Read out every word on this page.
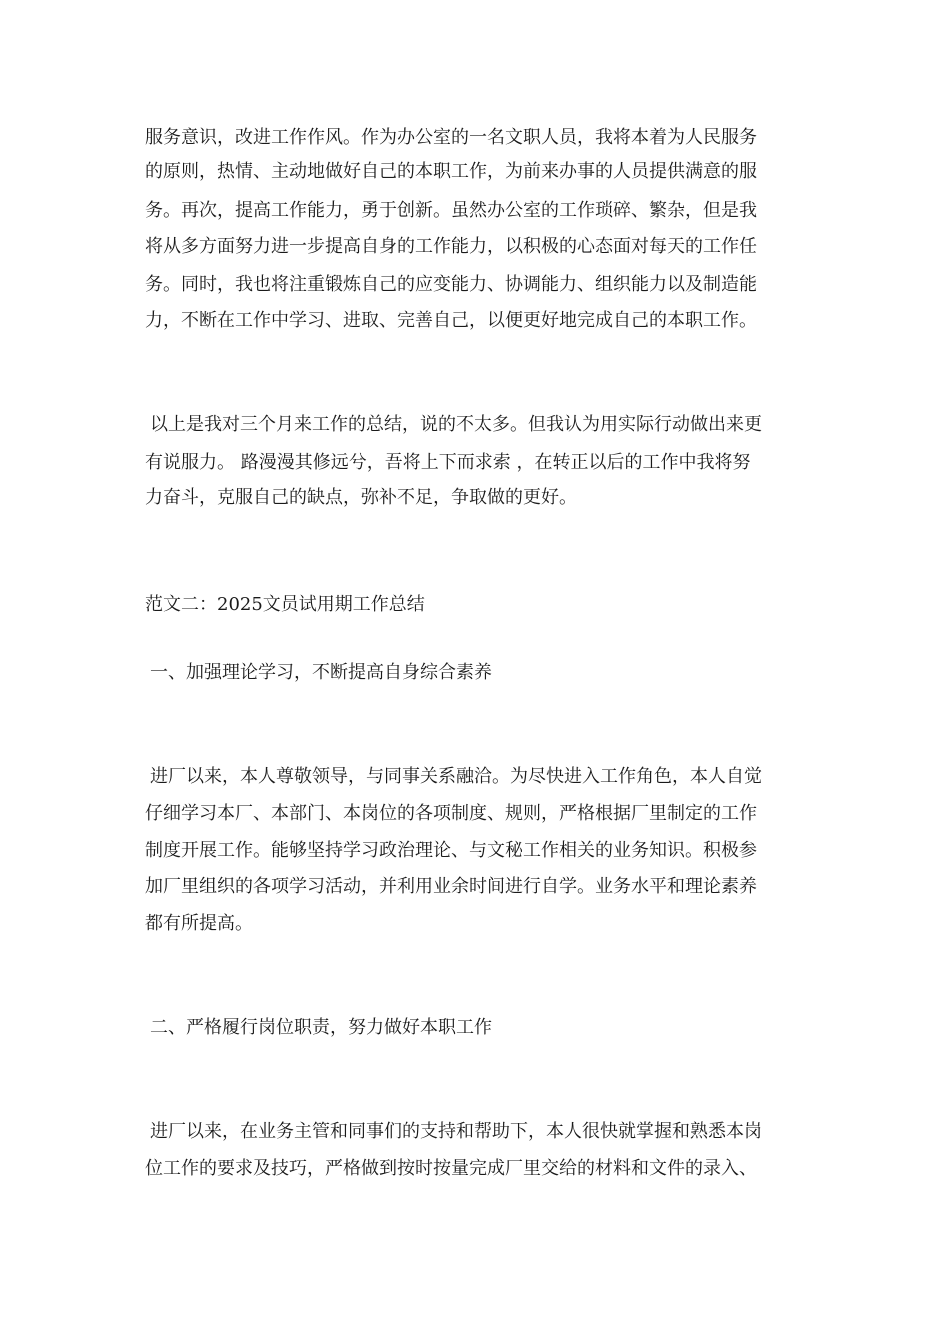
服务意识，改进工作作风。作为办公室的一名文职人员，我将本着为人民服务
的原则，热情、主动地做好自己的本职工作，为前来办事的人员提供满意的服
务。再次，提高工作能力，勇于创新。虽然办公室的工作琐碎、繁杂，但是我
将从多方面努力进一步提高自身的工作能力，以积极的心态面对每天的工作任
务。同时，我也将注重锻炼自己的应变能力、协调能力、组织能力以及制造能
力，不断在工作中学习、进取、完善自己，以便更好地完成自己的本职工作。
以上是我对三个月来工作的总结，说的不太多。但我认为用实际行动做出来更
有说服力。 路漫漫其修远兮，吾将上下而求索 ，在转正以后的工作中我将努
力奋斗，克服自己的缺点，弥补不足，争取做的更好。
范文二：2025文员试用期工作总结
一、加强理论学习，不断提高自身综合素养
进厂以来，本人尊敬领导，与同事关系融洽。为尽快进入工作角色，本人自觉
仔细学习本厂、本部门、本岗位的各项制度、规则，严格根据厂里制定的工作
制度开展工作。能够坚持学习政治理论、与文秘工作相关的业务知识。积极参
加厂里组织的各项学习活动，并利用业余时间进行自学。业务水平和理论素养
都有所提高。
二、严格履行岗位职责，努力做好本职工作
进厂以来，在业务主管和同事们的支持和帮助下，本人很快就掌握和熟悉本岗
位工作的要求及技巧，严格做到按时按量完成厂里交给的材料和文件的录入、
